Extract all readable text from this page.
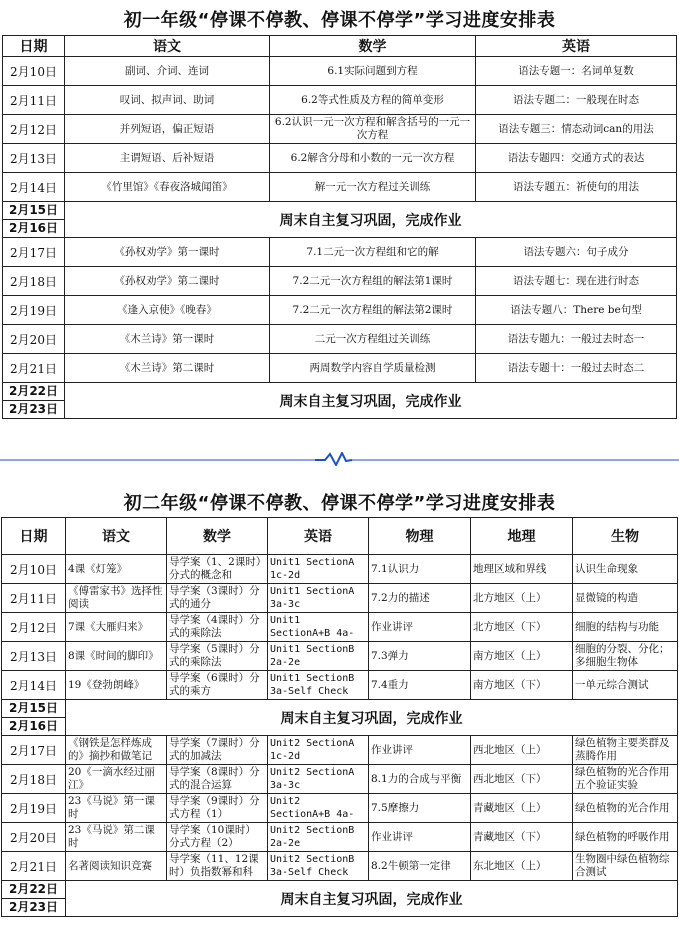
初一年级“停课不停教、停课不停学”学习进度安排表
日期	语文	数学	英语
2月10日	副词、介词、连词	6.1实际问题到方程	语法专题一：名词单复数
2月11日	叹词、拟声词、助词	6.2等式性质及方程的简单变形	语法专题二：一般现在时态
2月12日	并列短语，偏正短语	6.2认识一元一次方程和解含括号的一元一次方程	语法专题三：情态动词can的用法
2月13日	主谓短语、后补短语	6.2解含分母和小数的一元一次方程	语法专题四：交通方式的表达
2月14日	《竹里馆》《春夜洛城闻笛》	解一元一次方程过关训练	语法专题五：祈使句的用法

2月15日
2月16日	周末自主复习巩固，完成作业		
2月17日	《孙权劝学》第一课时	7.1二元一次方程组和它的解	语法专题六：句子成分
2月18日	《孙权劝学》第二课时	7.2二元一次方程组的解法第1课时	语法专题七：现在进行时态
2月19日	《逢入京使》《晚春》	7.2二元一次方程组的解法第2课时	语法专题八：There be句型
2月20日	《木兰诗》第一课时	二元一次方程组过关训练	语法专题九：一般过去时态一
2月21日	《木兰诗》第二课时	两周数学内容自学质量检测	语法专题十：一般过去时态二

2月22日
2月23日	周末自主复习巩固，完成作业		
初二年级“停课不停教、停课不停学”学习进度安排表
日期	语文	数学	英语	物理	地理	生物
2月10日	4课《灯笼》	导学案（1、2课时）分式的概念和	Unit1 SectionA 1c-2d	7.1认识力	地理区域和界线	认识生命现象
2月11日	《傅雷家书》选择性阅读	导学案（3课时）分式的通分	Unit1 SectionA 3a-3c	7.2力的描述	北方地区（上）	显微镜的构造
2月12日	7课《大雁归来》	导学案（4课时）分式的乘除法	Unit1 SectionA+B 4a-	作业讲评	北方地区（下）	细胞的结构与功能
2月13日	8课《时间的脚印》	导学案（5课时）分式的乘除法	Unit1 SectionB 2a-2e	7.3弹力	南方地区（上）	细胞的分裂、分化；多细胞生物体
2月14日	19《登勃朗峰》	导学案（6课时）分式的乘方	Unit1 SectionB 3a-Self Check	7.4重力	南方地区（下）	一单元综合测试

2月15日
2月16日	周末自主复习巩固，完成作业					
2月17日	《钢铁是怎样炼成的》摘抄和做笔记	导学案（7课时）分式的加减法	Unit2 SectionA 1c-2d	作业讲评	西北地区（上）	绿色植物主要类群及蒸腾作用
2月18日	20《一滴水经过丽江》	导学案（8课时）分式的混合运算	Unit2 SectionA 3a-3c	8.1力的合成与平衡	西北地区（下）	绿色植物的光合作用五个验证实验
2月19日	23《马说》第一课时	导学案（9课时）分式方程（1）	Unit2 SectionA+B 4a-	7.5摩擦力	青藏地区（上）	绿色植物的光合作用
2月20日	23《马说》第二课时	导学案（10课时）分式方程（2）	Unit2 SectionB 2a-2e	作业讲评	青藏地区（下）	绿色植物的呼吸作用
2月21日	名著阅读知识竞赛	导学案（11、12课时）负指数幂和科	Unit2 SectionB 3a-Self Check	8.2牛顿第一定律	东北地区（上）	生物圈中绿色植物综合测试

2月22日
2月23日	周末自主复习巩固，完成作业					
